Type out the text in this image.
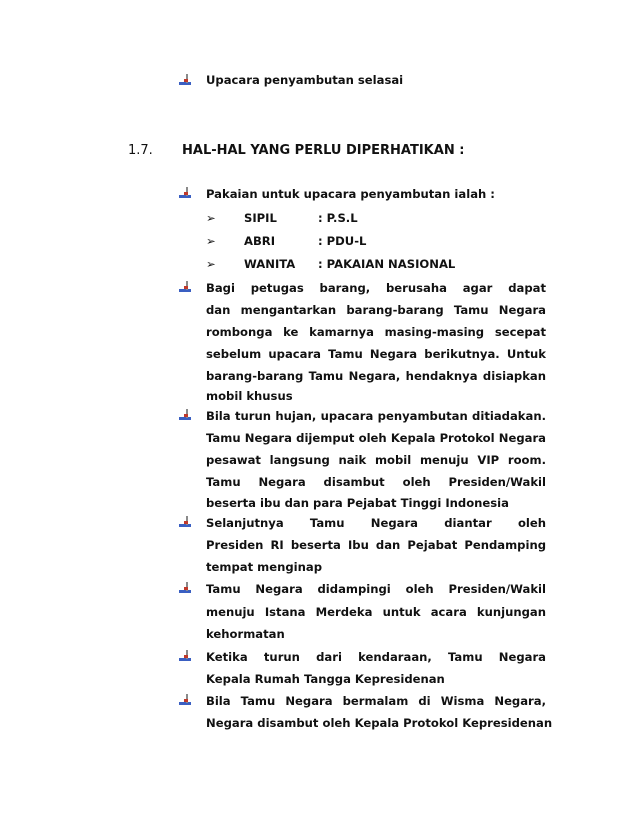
Upacara penyambutan selasai
1.7. HAL-HAL YANG PERLU DIPERHATIKAN :
Pakaian untuk upacara penyambutan ialah :
➢ SIPIL	: P.S.L
➢ ABRI	: PDU-L
➢ WANITA : PAKAIAN NASIONAL
Bagi petugas barang, berusaha agar dapat
dan mengantarkan barang-barang Tamu Negara
rombonga ke kamarnya masing-masing secepat
sebelum upacara Tamu Negara berikutnya. Untuk
barang-barang Tamu Negara, hendaknya disiapkan
mobil khusus
Bila turun hujan, upacara penyambutan ditiadakan.
Tamu Negara dijemput oleh Kepala Protokol Negara
pesawat langsung naik mobil menuju VIP room.
Tamu Negara disambut oleh Presiden/Wakil
beserta ibu dan para Pejabat Tinggi Indonesia
Selanjutnya Tamu Negara diantar oleh
Presiden RI beserta Ibu dan Pejabat Pendamping
tempat menginap
Tamu Negara didampingi oleh Presiden/Wakil
menuju Istana Merdeka untuk acara kunjungan
kehormatan
Ketika turun dari kendaraan, Tamu Negara
Kepala Rumah Tangga Kepresidenan
Bila Tamu Negara bermalam di Wisma Negara,
Negara disambut oleh Kepala Protokol Kepresidenan
